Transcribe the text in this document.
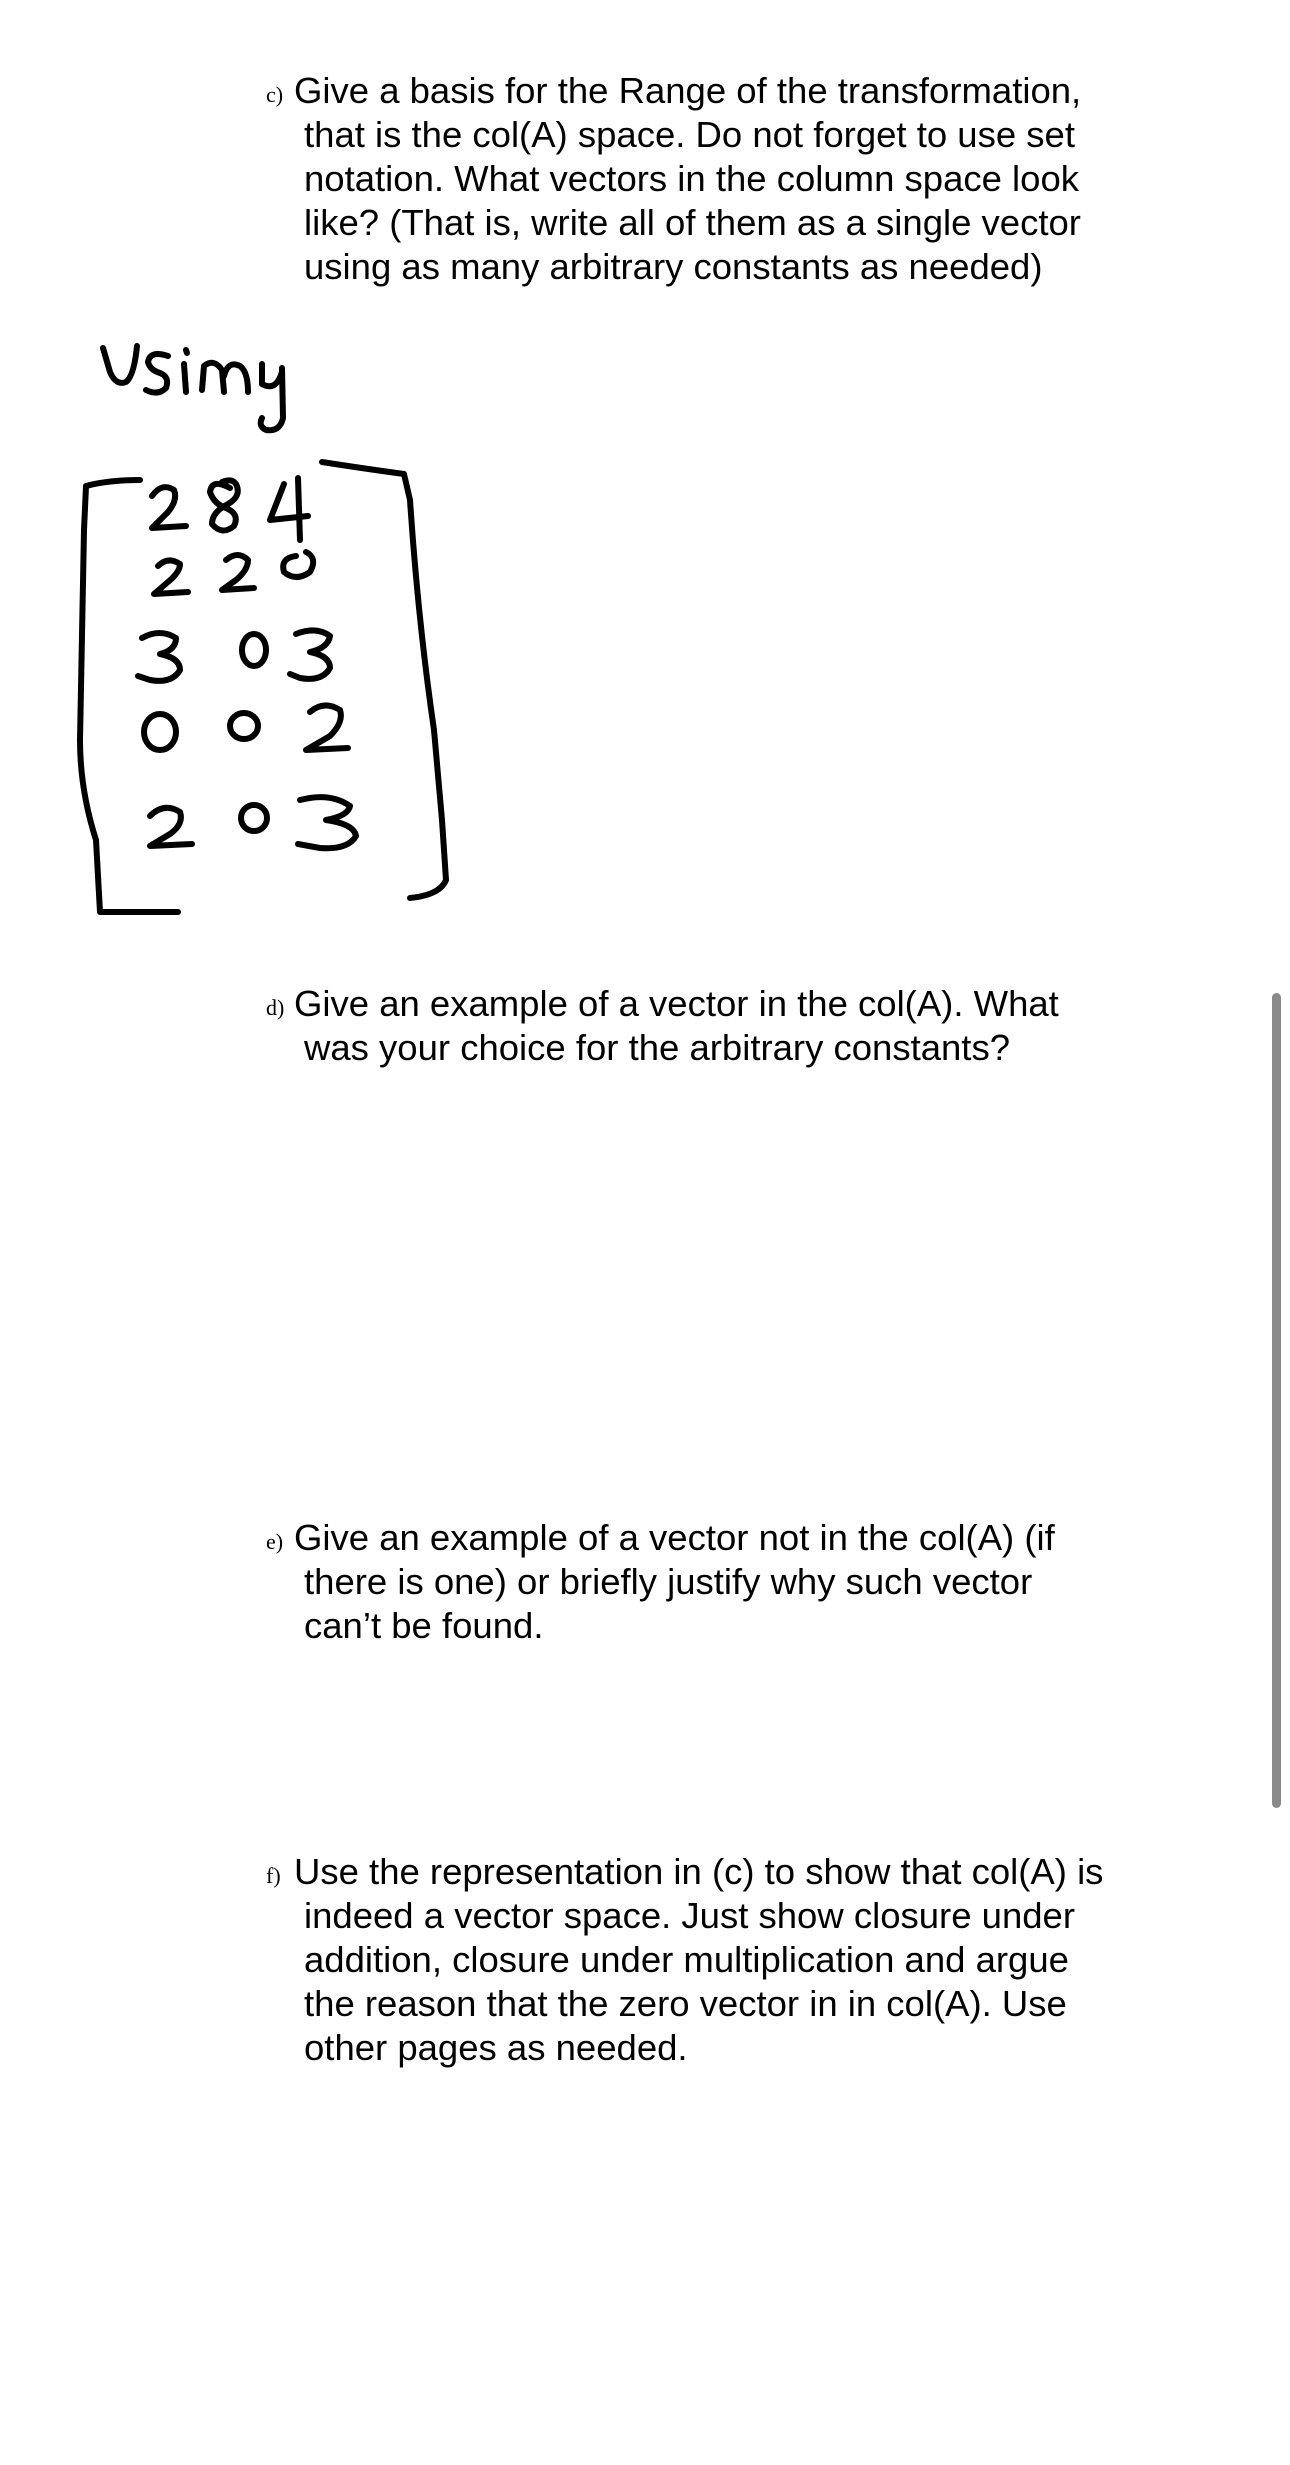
c) Give a basis for the Range of the transformation,
that is the col(A) space. Do not forget to use set
notation. What vectors in the column space look
like? (That is, write all of them as a single vector
using as many arbitrary constants as needed)
d) Give an example of a vector in the col(A). What
was your choice for the arbitrary constants?
e) Give an example of a vector not in the col(A) (if
there is one) or briefly justify why such vector
can’t be found.
f) Use the representation in (c) to show that col(A) is
indeed a vector space. Just show closure under
addition, closure under multiplication and argue
the reason that the zero vector in in col(A). Use
other pages as needed.
